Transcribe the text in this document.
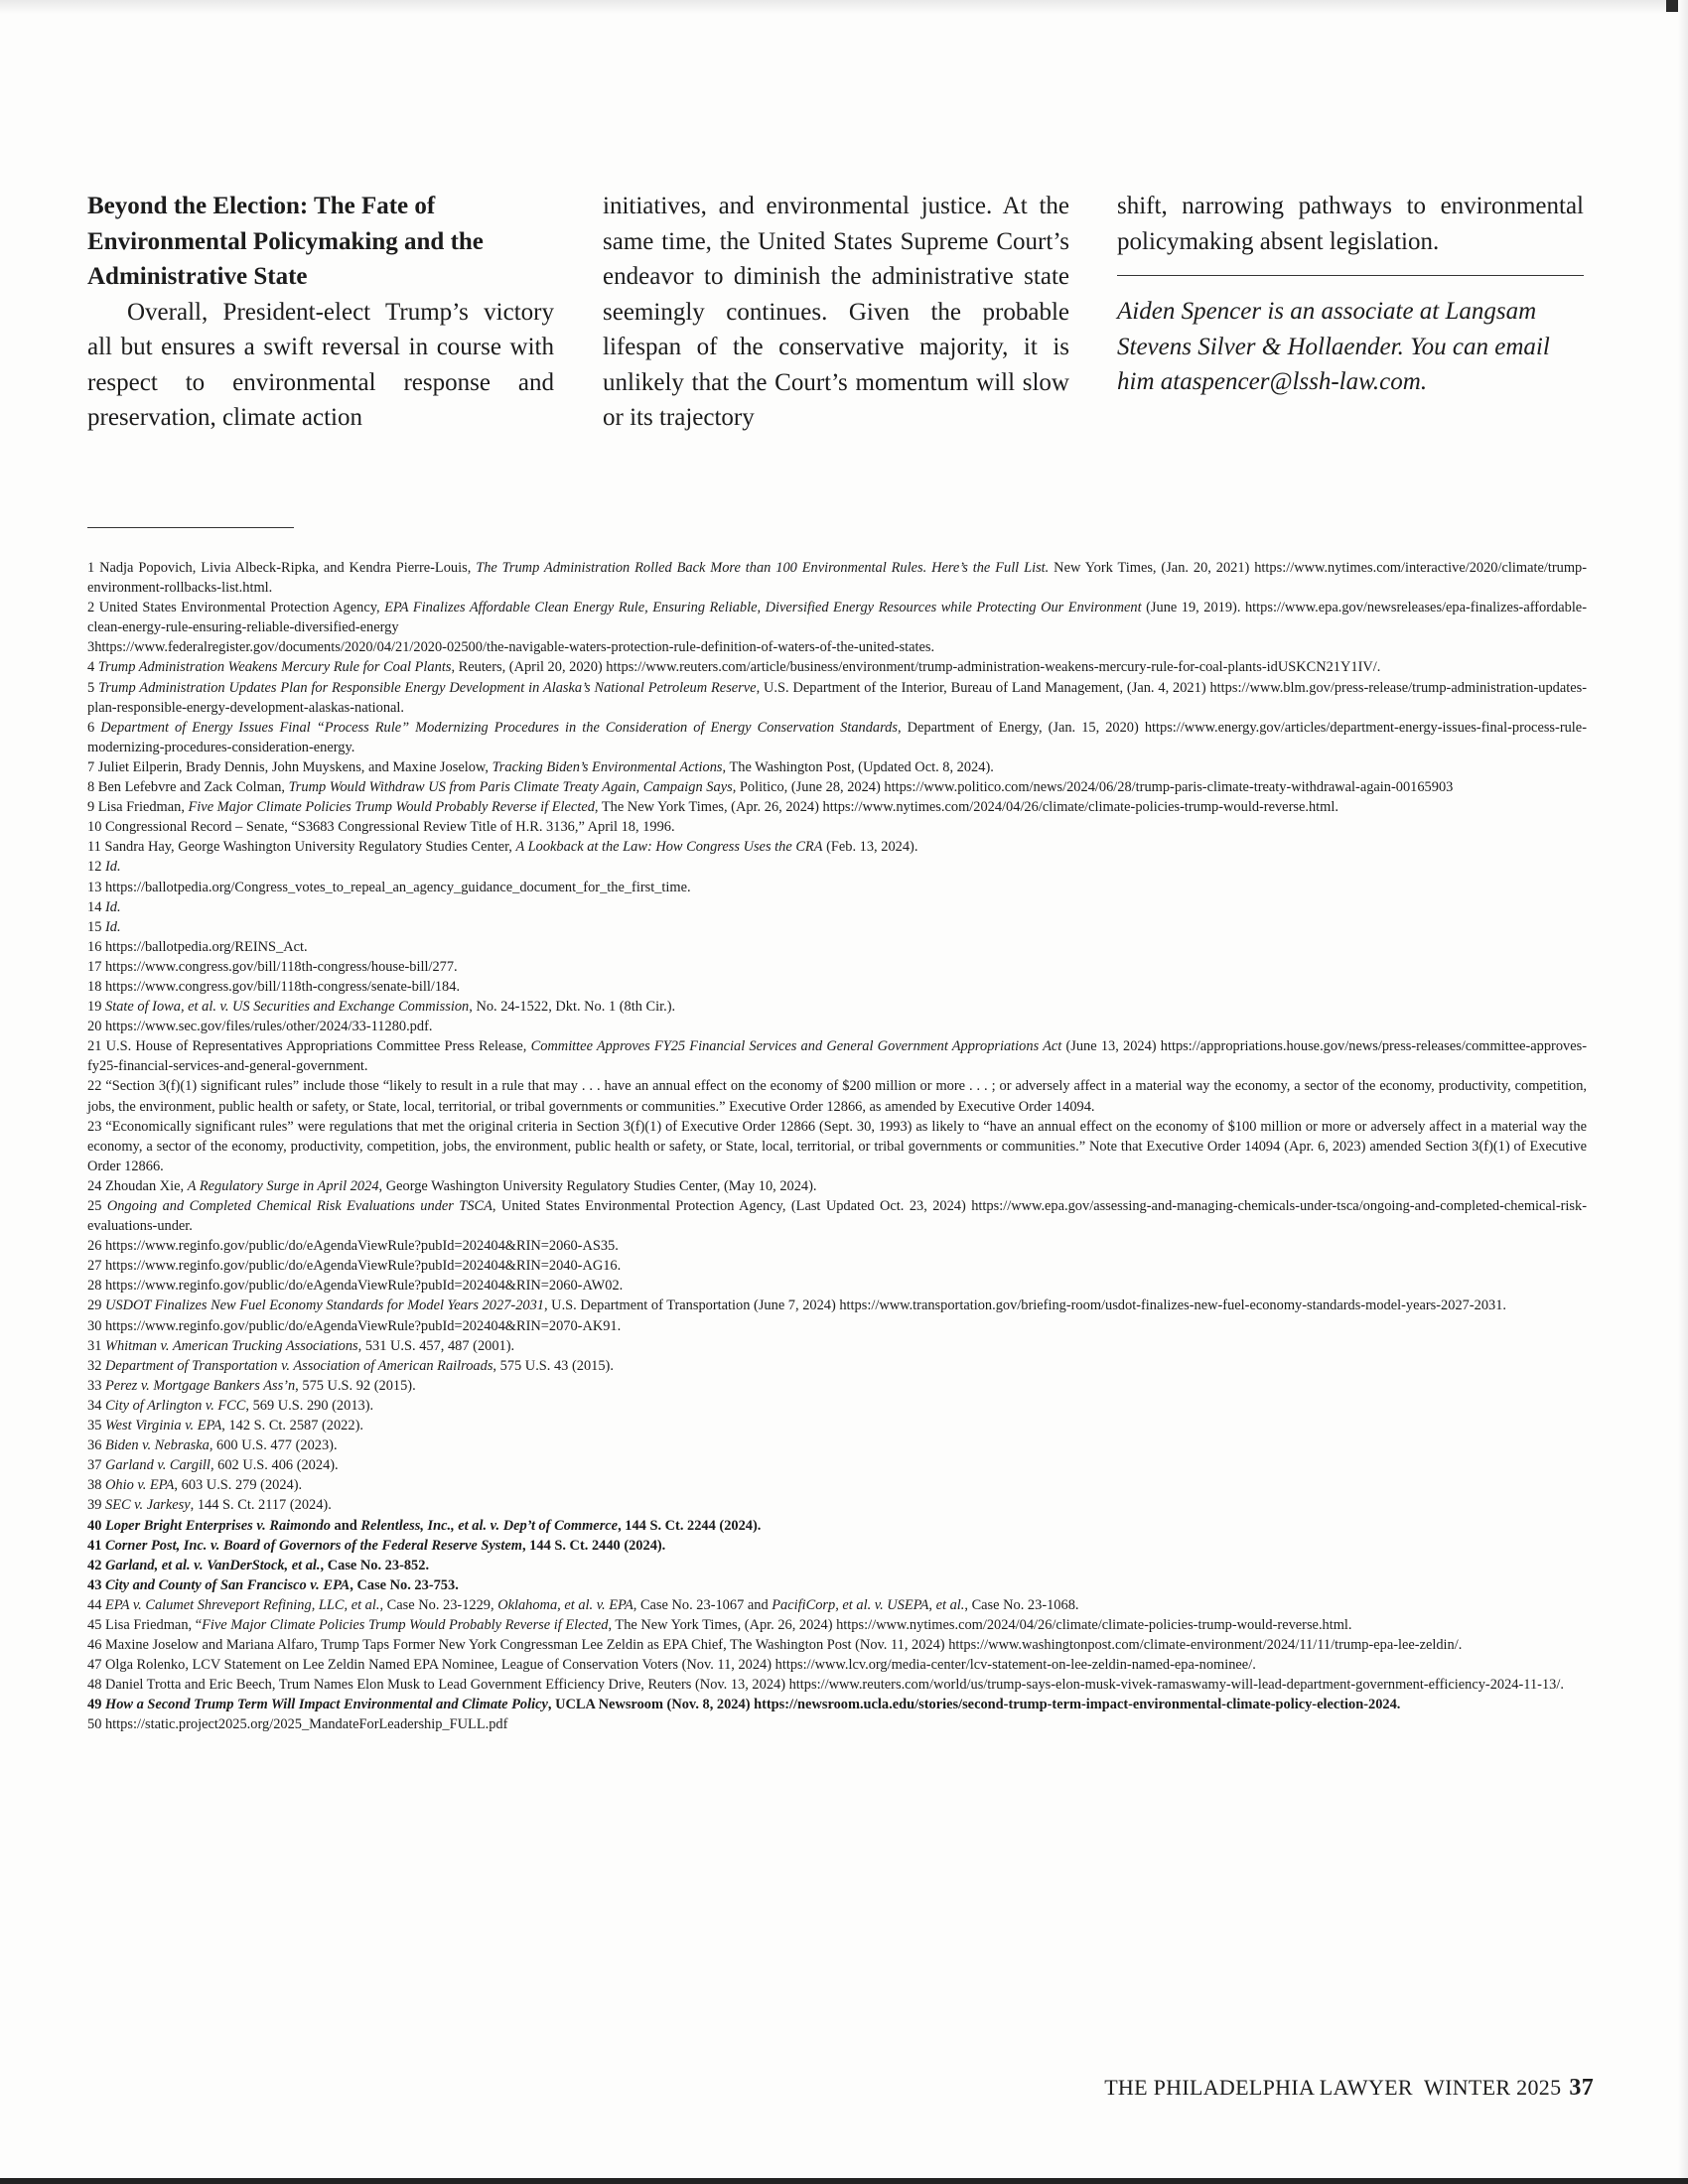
Beyond the Election: The Fate of Environmental Policymaking and the Administrative State

Overall, President-elect Trump’s victory all but ensures a swift reversal in course with respect to environmental response and preservation, climate action

initiatives, and environmental justice. At the same time, the United States Supreme Court’s endeavor to diminish the administrative state seemingly continues. Given the probable lifespan of the conservative majority, it is unlikely that the Court’s momentum will slow or its trajectory

shift, narrowing pathways to environmental policymaking absent legislation.

Aiden Spencer is an associate at Langsam Stevens Silver & Hollaender. You can email him ataspencer@lssh-law.com.

1 Nadja Popovich, Livia Albeck-Ripka, and Kendra Pierre-Louis, The Trump Administration Rolled Back More than 100 Environmental Rules. Here’s the Full List. New York Times, (Jan. 20, 2021) https://www.nytimes.com/interactive/2020/climate/trump-environment-rollbacks-list.html.

2 United States Environmental Protection Agency, EPA Finalizes Affordable Clean Energy Rule, Ensuring Reliable, Diversified Energy Resources while Protecting Our Environment (June 19, 2019). https://www.epa.gov/newsreleases/epa-finalizes-affordable-clean-energy-rule-ensuring-reliable-diversified-energy

3https://www.federalregister.gov/documents/2020/04/21/2020-02500/the-navigable-waters-protection-rule-definition-of-waters-of-the-united-states.

4 Trump Administration Weakens Mercury Rule for Coal Plants, Reuters, (April 20, 2020) https://www.reuters.com/article/business/environment/trump-administration-weakens-mercury-rule-for-coal-plants-idUSKCN21Y1IV/.

5 Trump Administration Updates Plan for Responsible Energy Development in Alaska’s National Petroleum Reserve, U.S. Department of the Interior, Bureau of Land Management, (Jan. 4, 2021) https://www.blm.gov/press-release/trump-administration-updates-plan-responsible-energy-development-alaskas-national.

6 Department of Energy Issues Final “Process Rule” Modernizing Procedures in the Consideration of Energy Conservation Standards, Department of Energy, (Jan. 15, 2020) https://www.energy.gov/articles/department-energy-issues-final-process-rule-modernizing-procedures-consideration-energy.

7 Juliet Eilperin, Brady Dennis, John Muyskens, and Maxine Joselow, Tracking Biden’s Environmental Actions, The Washington Post, (Updated Oct. 8, 2024).

8 Ben Lefebvre and Zack Colman, Trump Would Withdraw US from Paris Climate Treaty Again, Campaign Says, Politico, (June 28, 2024) https://www.politico.com/news/2024/06/28/trump-paris-climate-treaty-withdrawal-again-00165903

9 Lisa Friedman, Five Major Climate Policies Trump Would Probably Reverse if Elected, The New York Times, (Apr. 26, 2024) https://www.nytimes.com/2024/04/26/climate/climate-policies-trump-would-reverse.html.

10 Congressional Record – Senate, “S3683 Congressional Review Title of H.R. 3136,” April 18, 1996.

11 Sandra Hay, George Washington University Regulatory Studies Center, A Lookback at the Law: How Congress Uses the CRA (Feb. 13, 2024).

12 Id.

13 https://ballotpedia.org/Congress_votes_to_repeal_an_agency_guidance_document_for_the_first_time.

14 Id.

15 Id.

16 https://ballotpedia.org/REINS_Act.

17 https://www.congress.gov/bill/118th-congress/house-bill/277.

18 https://www.congress.gov/bill/118th-congress/senate-bill/184.

19 State of Iowa, et al. v. US Securities and Exchange Commission, No. 24-1522, Dkt. No. 1 (8th Cir.).

20 https://www.sec.gov/files/rules/other/2024/33-11280.pdf.

21 U.S. House of Representatives Appropriations Committee Press Release, Committee Approves FY25 Financial Services and General Government Appropriations Act (June 13, 2024) https://appropriations.house.gov/news/press-releases/committee-approves-fy25-financial-services-and-general-government.

22 “Section 3(f)(1) significant rules” include those “likely to result in a rule that may . . . have an annual effect on the economy of $200 million or more . . . ; or adversely affect in a material way the economy, a sector of the economy, productivity, competition, jobs, the environment, public health or safety, or State, local, territorial, or tribal governments or communities.” Executive Order 12866, as amended by Executive Order 14094.

23 “Economically significant rules” were regulations that met the original criteria in Section 3(f)(1) of Executive Order 12866 (Sept. 30, 1993) as likely to “have an annual effect on the economy of $100 million or more or adversely affect in a material way the economy, a sector of the economy, productivity, competition, jobs, the environment, public health or safety, or State, local, territorial, or tribal governments or communities.” Note that Executive Order 14094 (Apr. 6, 2023) amended Section 3(f)(1) of Executive Order 12866.

24 Zhoudan Xie, A Regulatory Surge in April 2024, George Washington University Regulatory Studies Center, (May 10, 2024).

25 Ongoing and Completed Chemical Risk Evaluations under TSCA, United States Environmental Protection Agency, (Last Updated Oct. 23, 2024) https://www.epa.gov/assessing-and-managing-chemicals-under-tsca/ongoing-and-completed-chemical-risk-evaluations-under.

26 https://www.reginfo.gov/public/do/eAgendaViewRule?pubId=202404&RIN=2060-AS35.

27 https://www.reginfo.gov/public/do/eAgendaViewRule?pubId=202404&RIN=2040-AG16.

28 https://www.reginfo.gov/public/do/eAgendaViewRule?pubId=202404&RIN=2060-AW02.

29 USDOT Finalizes New Fuel Economy Standards for Model Years 2027-2031, U.S. Department of Transportation (June 7, 2024) https://www.transportation.gov/briefing-room/usdot-finalizes-new-fuel-economy-standards-model-years-2027-2031.

30 https://www.reginfo.gov/public/do/eAgendaViewRule?pubId=202404&RIN=2070-AK91.

31 Whitman v. American Trucking Associations, 531 U.S. 457, 487 (2001).

32 Department of Transportation v. Association of American Railroads, 575 U.S. 43 (2015).

33 Perez v. Mortgage Bankers Ass’n, 575 U.S. 92 (2015).

34 City of Arlington v. FCC, 569 U.S. 290 (2013).

35 West Virginia v. EPA, 142 S. Ct. 2587 (2022).

36 Biden v. Nebraska, 600 U.S. 477 (2023).

37 Garland v. Cargill, 602 U.S. 406 (2024).

38 Ohio v. EPA, 603 U.S. 279 (2024).

39 SEC v. Jarkesy, 144 S. Ct. 2117 (2024).

40 Loper Bright Enterprises v. Raimondo and Relentless, Inc., et al. v. Dep’t of Commerce, 144 S. Ct. 2244 (2024).

41 Corner Post, Inc. v. Board of Governors of the Federal Reserve System, 144 S. Ct. 2440 (2024).

42 Garland, et al. v. VanDerStock, et al., Case No. 23-852.

43 City and County of San Francisco v. EPA, Case No. 23-753.

44 EPA v. Calumet Shreveport Refining, LLC, et al., Case No. 23-1229, Oklahoma, et al. v. EPA, Case No. 23-1067 and PacifiCorp, et al. v. USEPA, et al., Case No. 23-1068.

45 Lisa Friedman, “Five Major Climate Policies Trump Would Probably Reverse if Elected, The New York Times, (Apr. 26, 2024) https://www.nytimes.com/2024/04/26/climate/climate-policies-trump-would-reverse.html.

46 Maxine Joselow and Mariana Alfaro, Trump Taps Former New York Congressman Lee Zeldin as EPA Chief, The Washington Post (Nov. 11, 2024) https://www.washingtonpost.com/climate-environment/2024/11/11/trump-epa-lee-zeldin/.

47 Olga Rolenko, LCV Statement on Lee Zeldin Named EPA Nominee, League of Conservation Voters (Nov. 11, 2024) https://www.lcv.org/media-center/lcv-statement-on-lee-zeldin-named-epa-nominee/.

48 Daniel Trotta and Eric Beech, Trum Names Elon Musk to Lead Government Efficiency Drive, Reuters (Nov. 13, 2024) https://www.reuters.com/world/us/trump-says-elon-musk-vivek-ramaswamy-will-lead-department-government-efficiency-2024-11-13/.

49 How a Second Trump Term Will Impact Environmental and Climate Policy, UCLA Newsroom (Nov. 8, 2024) https://newsroom.ucla.edu/stories/second-trump-term-impact-environmental-climate-policy-election-2024.

50 https://static.project2025.org/2025_MandateForLeadership_FULL.pdf

THE PHILADELPHIA LAWYER  WINTER 2025 37
